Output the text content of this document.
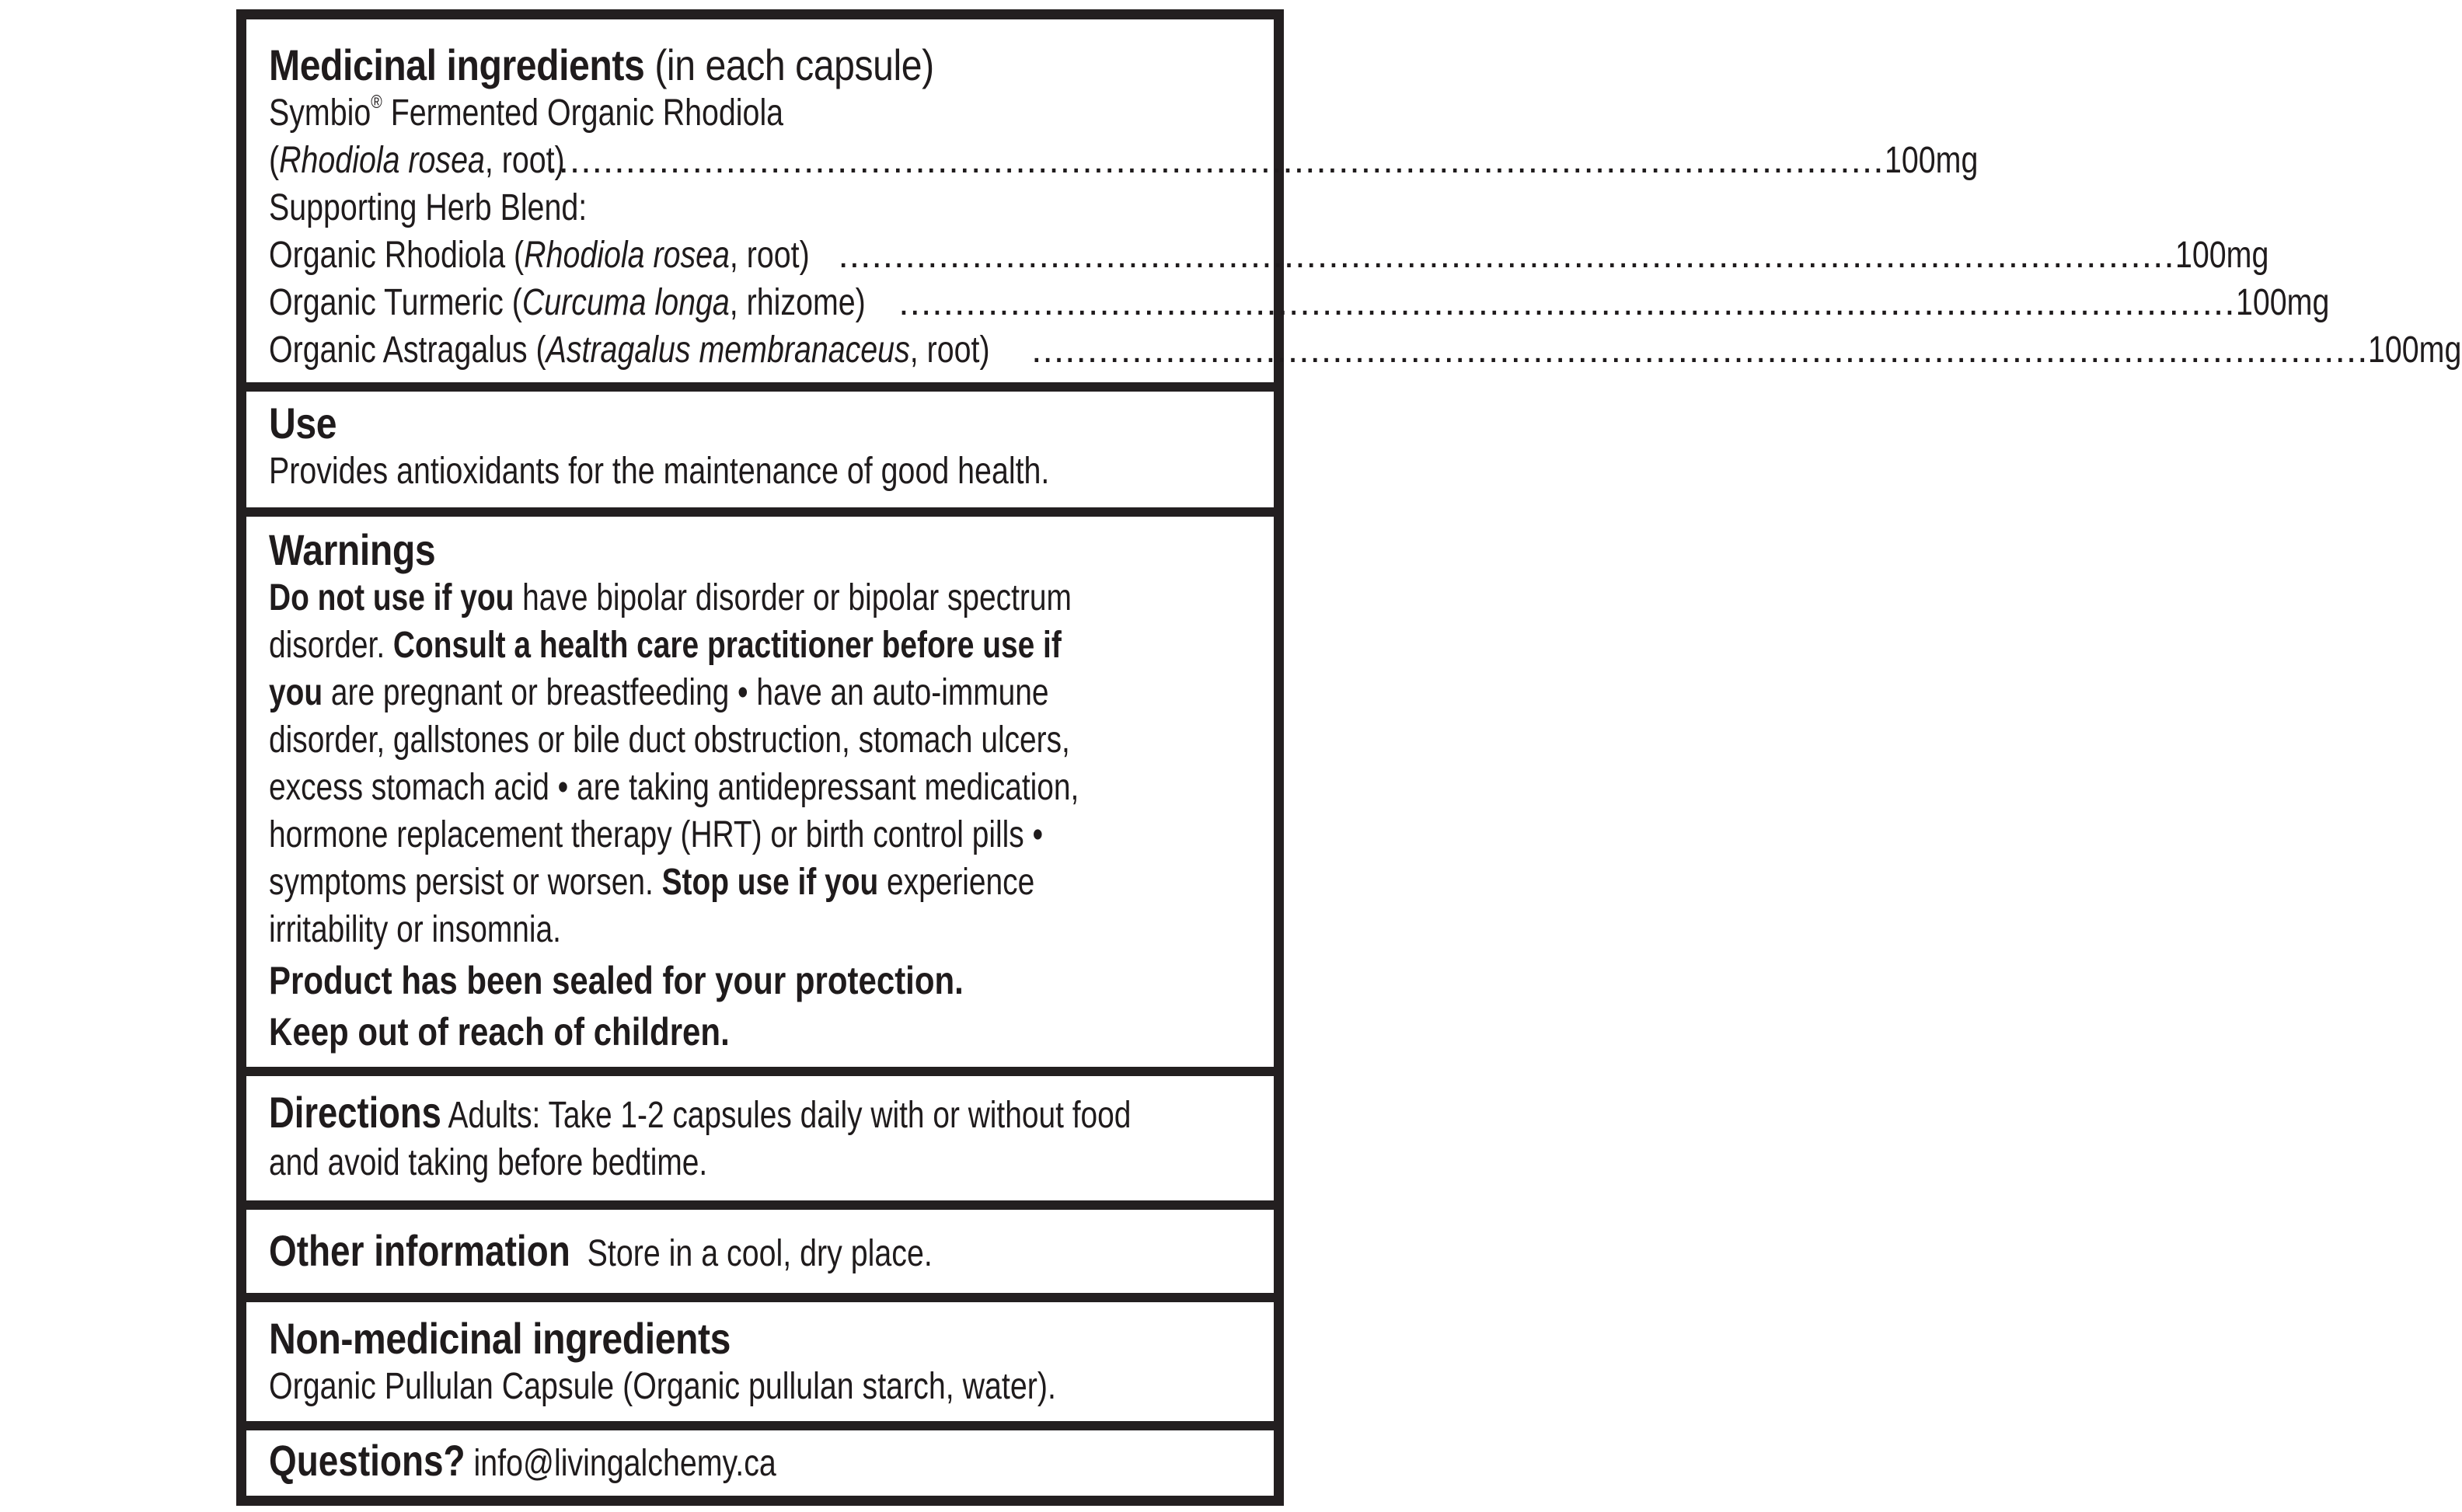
Medicinal ingredients (in each capsule)
Symbio® Fermented Organic Rhodiola
(Rhodiola rosea, root)
........................................................................................................................ 100mg
Supporting Herb Blend:
Organic Rhodiola (Rhodiola rosea, root) ........................................................................................................................ 100mg
Organic Turmeric (Curcuma longa, rhizome) ........................................................................................................................ 100mg
Organic Astragalus (Astragalus membranaceus, root) ........................................................................................................................ 100mg
Use
Provides antioxidants for the maintenance of good health.
Warnings
Do not use if you have bipolar disorder or bipolar spectrum disorder. Consult a health care practitioner before use if you are pregnant or breastfeeding • have an auto-immune disorder, gallstones or bile duct obstruction, stomach ulcers, excess stomach acid • are taking antidepressant medication, hormone replacement therapy (HRT) or birth control pills • symptoms persist or worsen. Stop use if you experience irritability or insomnia.
Product has been sealed for your protection.
Keep out of reach of children.
Directions Adults: Take 1-2 capsules daily with or without food and avoid taking before bedtime.
Other information Store in a cool, dry place.
Non-medicinal ingredients
Organic Pullulan Capsule (Organic pullulan starch, water).
Questions? info@livingalchemy.ca
